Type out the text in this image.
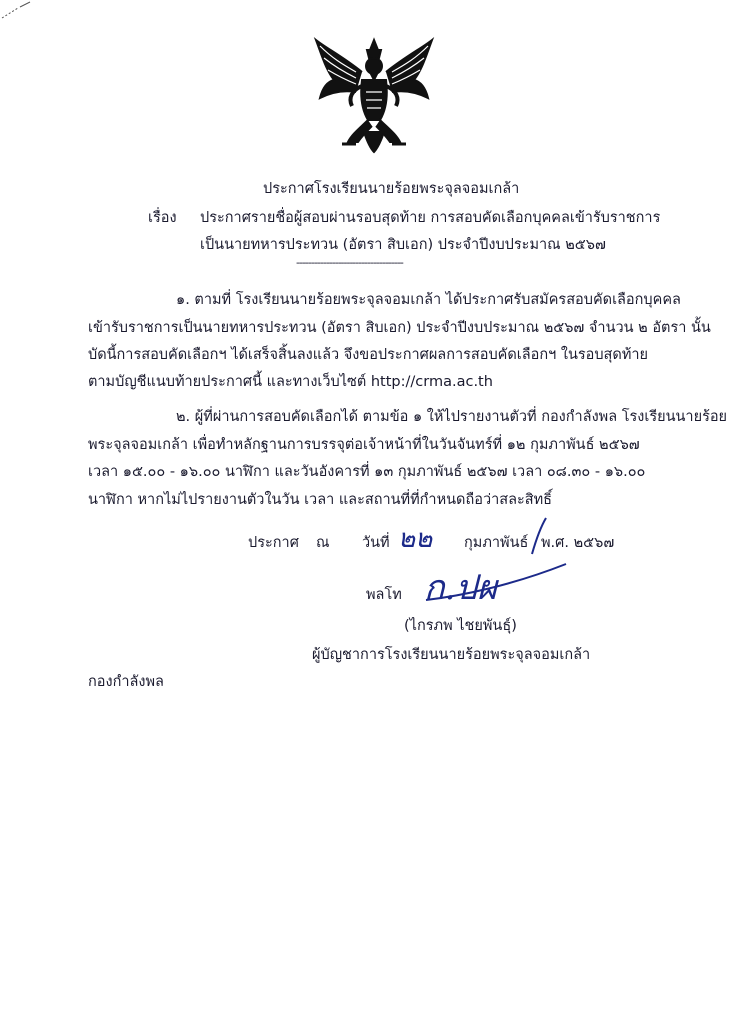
ประกาศโรงเรียนนายร้อยพระจุลจอมเกล้า
เรื่อง ประกาศรายชื่อผู้สอบผ่านรอบสุดท้าย การสอบคัดเลือกบุคคลเข้ารับราชการ
เป็นนายทหารประทวน (อัตรา สิบเอก) ประจำปีงบประมาณ ๒๕๖๗
------------------------------------
๑. ตามที่ โรงเรียนนายร้อยพระจุลจอมเกล้า ได้ประกาศรับสมัครสอบคัดเลือกบุคคล
เข้ารับราชการเป็นนายทหารประทวน (อัตรา สิบเอก) ประจำปีงบประมาณ ๒๕๖๗ จำนวน ๒ อัตรา นั้น
บัดนี้การสอบคัดเลือกฯ ได้เสร็จสิ้นลงแล้ว จึงขอประกาศผลการสอบคัดเลือกฯ ในรอบสุดท้าย
ตามบัญชีแนบท้ายประกาศนี้ และทางเว็บไซต์ http://crma.ac.th
๒. ผู้ที่ผ่านการสอบคัดเลือกได้ ตามข้อ ๑ ให้ไปรายงานตัวที่ กองกำลังพล โรงเรียนนายร้อย
พระจุลจอมเกล้า เพื่อทำหลักฐานการบรรจุต่อเจ้าหน้าที่ในวันจันทร์ที่ ๑๒ กุมภาพันธ์ ๒๕๖๗
เวลา ๑๕.๐๐ - ๑๖.๐๐ นาฬิกา และวันอังคารที่ ๑๓ กุมภาพันธ์ ๒๕๖๗ เวลา ๐๘.๓๐ - ๑๖.๐๐
นาฬิกา หากไม่ไปรายงานตัวในวัน เวลา และสถานที่ที่กำหนดถือว่าสละสิทธิ์
ประกาศ ณ วันที่ ๒๒ กุมภาพันธ์ พ.ศ. ๒๕๖๗
พลโท ก.ปผ
(ไกรภพ ไชยพันธุ์)
ผู้บัญชาการโรงเรียนนายร้อยพระจุลจอมเกล้า
กองกำลังพล
